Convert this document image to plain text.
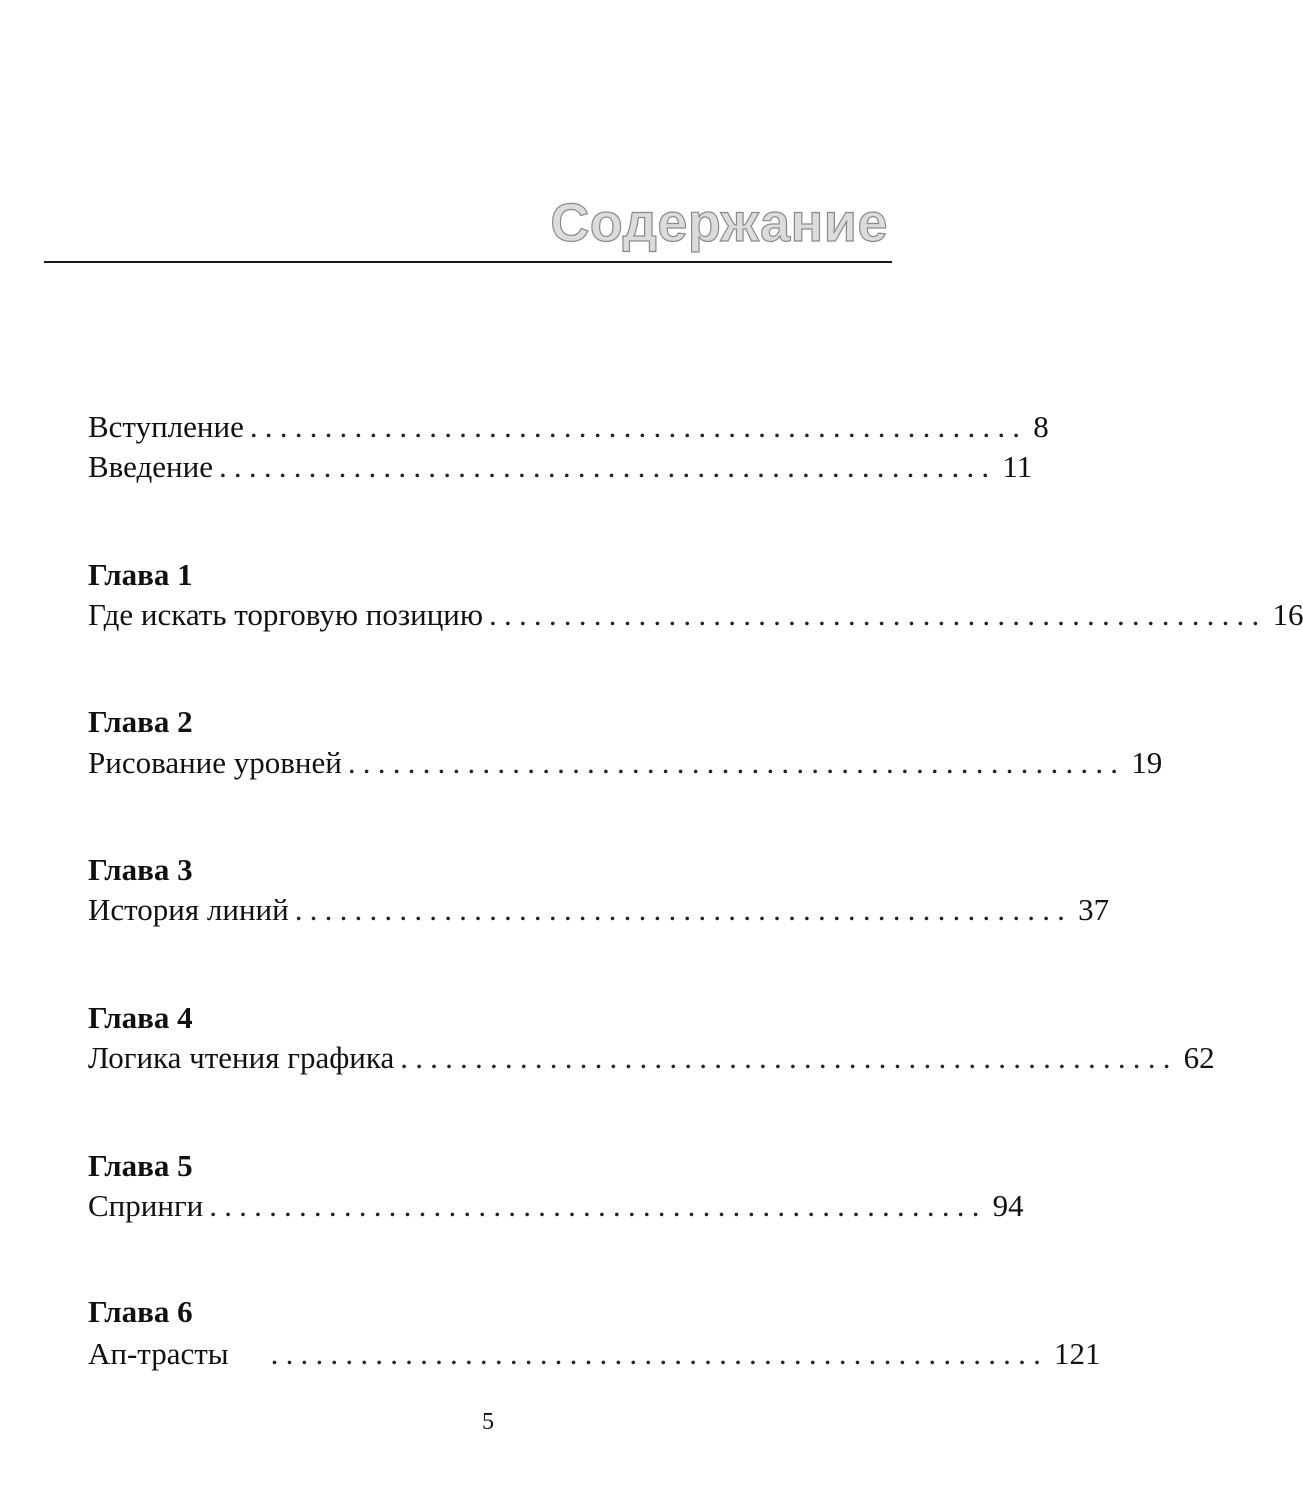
Содержание
Вступление .................................................... 8
Введение .................................................... 11
Глава 1
Где искать торговую позицию .................................................... 16
Глава 2
Рисование уровней .................................................... 19
Глава 3
История линий .................................................... 37
Глава 4
Логика чтения графика .................................................... 62
Глава 5
Спринги .................................................... 94
Глава 6
Ап-трасты .................................................... 121
5
